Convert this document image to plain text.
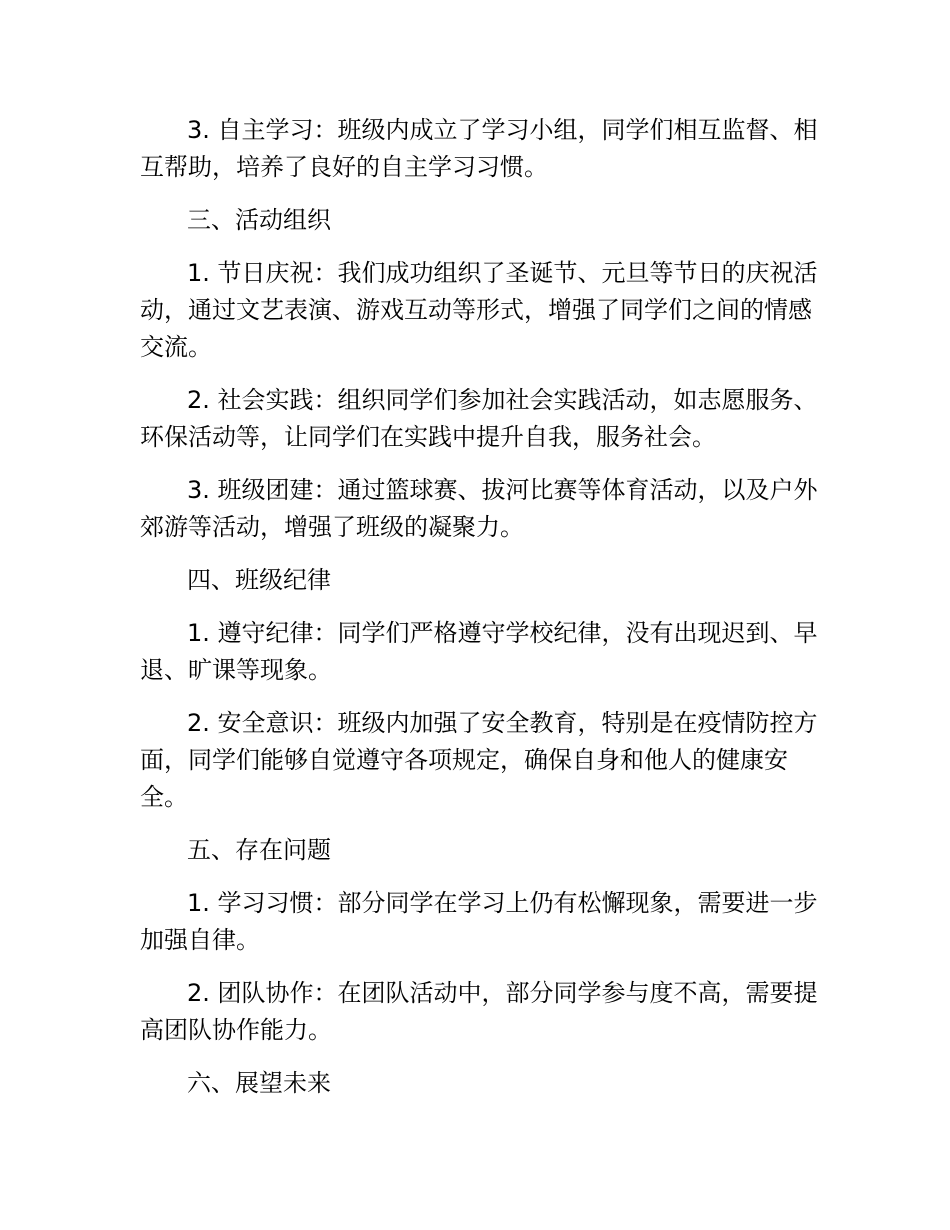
3. 自主学习：班级内成立了学习小组，同学们相互监督、相互帮助，培养了良好的自主学习习惯。

三、活动组织

1. 节日庆祝：我们成功组织了圣诞节、元旦等节日的庆祝活动，通过文艺表演、游戏互动等形式，增强了同学们之间的情感交流。

2. 社会实践：组织同学们参加社会实践活动，如志愿服务、环保活动等，让同学们在实践中提升自我，服务社会。

3. 班级团建：通过篮球赛、拔河比赛等体育活动，以及户外郊游等活动，增强了班级的凝聚力。

四、班级纪律

1. 遵守纪律：同学们严格遵守学校纪律，没有出现迟到、早退、旷课等现象。

2. 安全意识：班级内加强了安全教育，特别是在疫情防控方面，同学们能够自觉遵守各项规定，确保自身和他人的健康安全。

五、存在问题

1. 学习习惯：部分同学在学习上仍有松懈现象，需要进一步加强自律。

2. 团队协作：在团队活动中，部分同学参与度不高，需要提高团队协作能力。

六、展望未来
